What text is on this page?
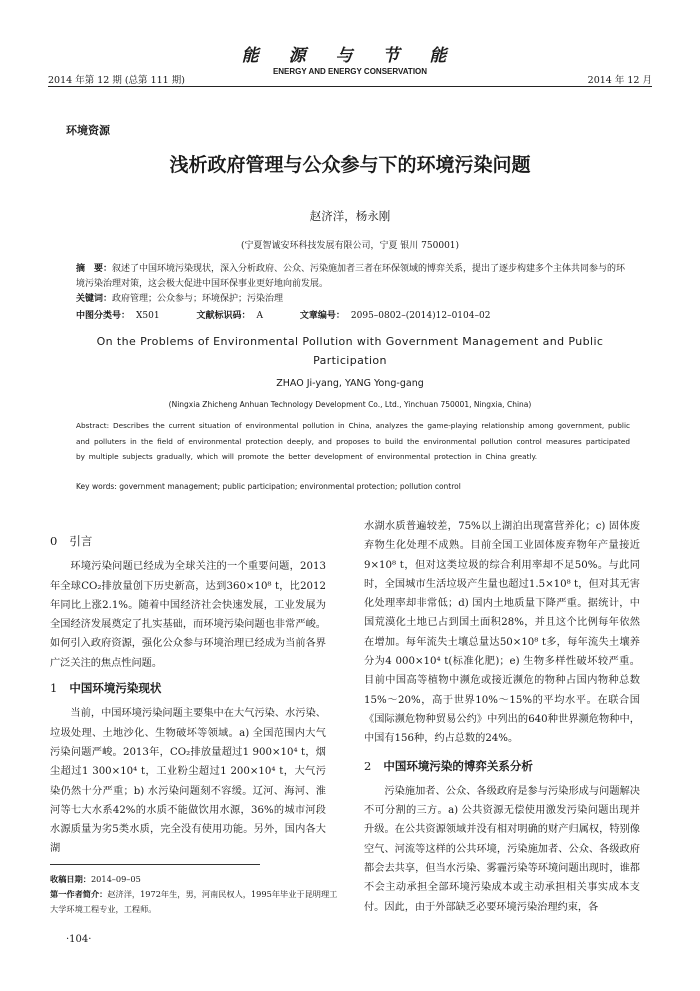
2014 年第 12 期 (总第 111 期)
能 源 与 节 能
ENERGY AND ENERGY CONSERVATION
2014 年 12 月
环境资源
浅析政府管理与公众参与下的环境污染问题
赵济洋，杨永刚
(宁夏智诚安环科技发展有限公司，宁夏 银川 750001)
摘　要：叙述了中国环境污染现状，深入分析政府、公众、污染施加者三者在环保领域的博弈关系，提出了逐步构建多个主体共同参与的环境污染治理对策，这会极大促进中国环保事业更好地向前发展。
关键词：政府管理；公众参与；环境保护；污染治理
中图分类号： X501	文献标识码： A	文章编号： 2095–0802–(2014)12–0104–02
On the Problems of Environmental Pollution with Government Management and Public Participation
ZHAO Ji-yang, YANG Yong-gang
(Ningxia Zhicheng Anhuan Technology Development Co., Ltd., Yinchuan 750001, Ningxia, China)
Abstract: Describes the current situation of environmental pollution in China, analyzes the game-playing relationship among government, public and polluters in the field of environmental protection deeply, and proposes to build the environmental pollution control measures participated by multiple subjects gradually, which will promote the better development of environmental protection in China greatly.
Key words: government management; public participation; environmental protection; pollution control
0 引言

环境污染问题已经成为全球关注的一个重要问题，2013年全球CO₂排放量创下历史新高，达到360×10⁸ t，比2012年同比上涨2.1%。随着中国经济社会快速发展，工业发展为全国经济发展奠定了扎实基础，而环境污染问题也非常严峻。如何引入政府资源，强化公众参与环境治理已经成为当前各界广泛关注的焦点性问题。

1 中国环境污染现状

当前，中国环境污染问题主要集中在大气污染、水污染、垃圾处理、土地沙化、生物破坏等领域。a) 全国范围内大气污染问题严峻。2013年，CO₂排放量超过1 900×10⁴ t，烟尘超过1 300×10⁴ t，工业粉尘超过1 200×10⁴ t，大气污染仍然十分严重；b) 水污染问题刻不容缓。辽河、海河、淮河等七大水系42%的水质不能做饮用水源，36%的城市河段水源质量为劣5类水质，完全没有使用功能。另外，国内各大湖

水湖水质普遍较差，75%以上湖泊出现富营养化；c) 固体废弃物生化处理不成熟。目前全国工业固体废弃物年产量接近9×10⁸ t，但对这类垃圾的综合利用率却不足50%。与此同时，全国城市生活垃圾产生量也超过1.5×10⁸ t，但对其无害化处理率却非常低；d) 国内土地质量下降严重。据统计，中国荒漠化土地已占到国土面积28%，并且这个比例每年依然在增加。每年流失土壤总量达50×10⁸ t多，每年流失土壤养分为4 000×10⁴ t(标准化肥)；e) 生物多样性破坏较严重。目前中国高等植物中濒危或接近濒危的物种占国内物种总数15%～20%，高于世界10%～15%的平均水平。在联合国《国际濒危物种贸易公约》中列出的640种世界濒危物种中，中国有156种，约占总数的24%。

2 中国环境污染的博弈关系分析

污染施加者、公众、各级政府是参与污染形成与问题解决不可分割的三方。a) 公共资源无偿使用激发污染问题出现并升级。在公共资源领域并没有相对明确的财产归属权，特别像空气、河流等这样的公共环境，污染施加者、公众、各级政府都会去共享，但当水污染、雾霾污染等环境问题出现时，谁都不会主动承担全部环境污染成本或主动承担相关事实成本支付。因此，由于外部缺乏必要环境污染治理约束，各

收稿日期：2014–09–05
第一作者简介：赵济洋，1972年生，男，河南民权人，1995年毕业于昆明理工大学环境工程专业，工程师。
·104·
